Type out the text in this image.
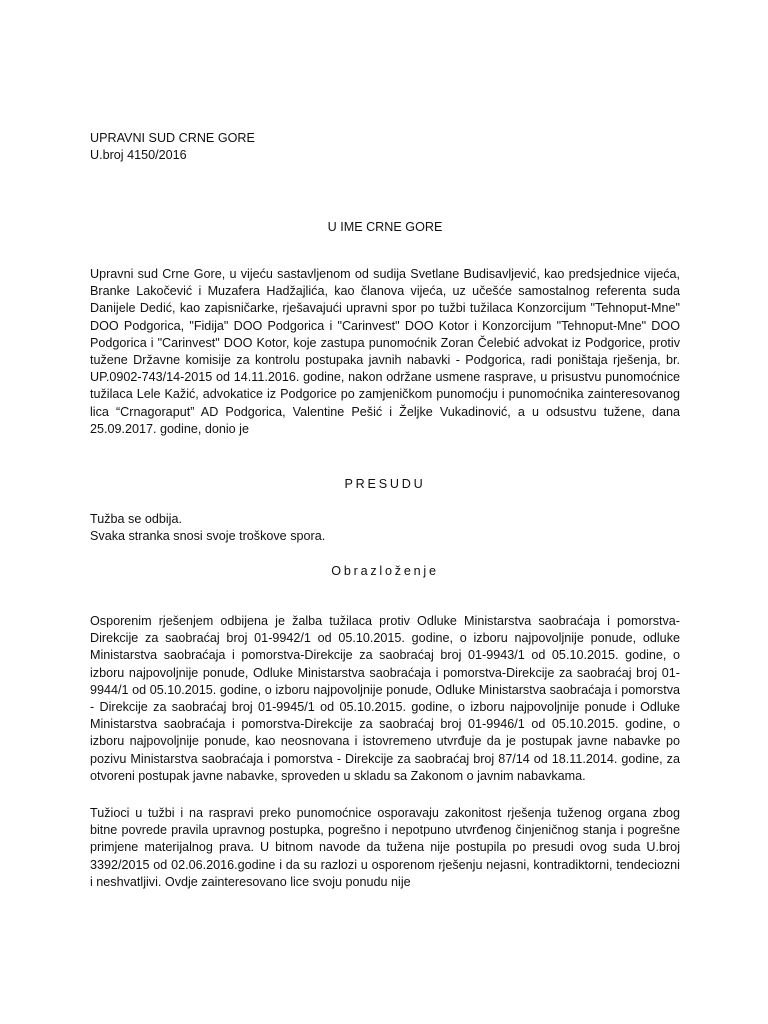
UPRAVNI SUD CRNE GORE
U.broj 4150/2016
U IME CRNE GORE

Upravni sud Crne Gore, u vijeću sastavljenom od sudija Svetlane Budisavljević, kao predsjednice vijeća, Branke Lakočević i Muzafera Hadžajlića, kao članova vijeća, uz učešće samostalnog referenta suda Danijele Dedić, kao zapisničarke, rješavajući upravni spor po tužbi tužilaca Konzorcijum "Tehnoput-Mne" DOO Podgorica, "Fidija" DOO Podgorica i "Carinvest" DOO Kotor i Konzorcijum "Tehnoput-Mne" DOO Podgorica i "Carinvest" DOO Kotor, koje zastupa punomoćnik Zoran Čelebić advokat iz Podgorice, protiv tužene Državne komisije za kontrolu postupaka javnih nabavki - Podgorica, radi poništaja rješenja, br. UP.0902-743/14-2015 od 14.11.2016. godine, nakon održane usmene rasprave, u prisustvu punomoćnice tužilaca Lele Kažić, advokatice iz Podgorice po zamjeničkom punomoćju i punomoćnika zainteresovanog lica “Crnagoraput” AD Podgorica, Valentine Pešić i Željke Vukadinović, a u odsustvu tužene, dana 25.09.2017. godine, donio je

PRESUDU
Tužba se odbija.
Svaka stranka snosi svoje troškove spora.
Obrazloženje

Osporenim rješenjem odbijena je žalba tužilaca protiv Odluke Ministarstva saobraćaja i pomorstva-Direkcije za saobraćaj broj 01-9942/1 od 05.10.2015. godine, o izboru najpovoljnije ponude, odluke Ministarstva saobraćaja i pomorstva-Direkcije za saobraćaj broj 01-9943/1 od 05.10.2015. godine, o izboru najpovoljnije ponude, Odluke Ministarstva saobraćaja i pomorstva-Direkcije za saobraćaj broj 01-9944/1 od 05.10.2015. godine, o izboru najpovoljnije ponude, Odluke Ministarstva saobraćaja i pomorstva - Direkcije za saobraćaj broj 01-9945/1 od 05.10.2015. godine, o izboru najpovoljnije ponude i Odluke Ministarstva saobraćaja i pomorstva-Direkcije za saobraćaj broj 01-9946/1 od 05.10.2015. godine, o izboru najpovoljnije ponude, kao neosnovana i istovremeno utvrđuje da je postupak javne nabavke po pozivu Ministarstva saobraćaja i pomorstva - Direkcije za saobraćaj broj 87/14 od 18.11.2014. godine, za otvoreni postupak javne nabavke, sproveden u skladu sa Zakonom o javnim nabavkama.

Tužioci u tužbi i na raspravi preko punomoćnice osporavaju zakonitost rješenja tuženog organa zbog bitne povrede pravila upravnog postupka, pogrešno i nepotpuno utvrđenog činjeničnog stanja i pogrešne primjene materijalnog prava. U bitnom navode da tužena nije postupila po presudi ovog suda U.broj 3392/2015 od 02.06.2016.godine i da su razlozi u osporenom rješenju nejasni, kontradiktorni, tendeciozni i neshvatljivi. Ovdje zainteresovano lice svoju ponudu nije
